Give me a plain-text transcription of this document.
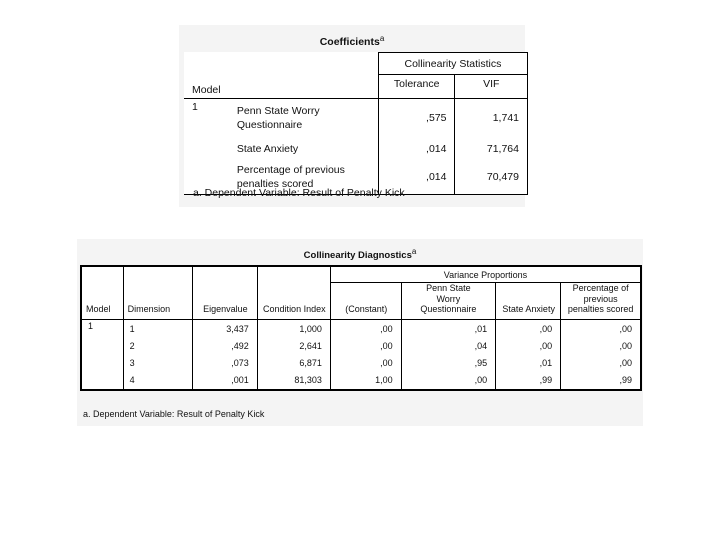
Coefficients$^a$
Model		Collinearity Statistics	
		Tolerance	VIF
1	Penn State Worry Questionnaire	,575	1,741
	State Anxiety	,014	71,764
	Percentage of previous penalties scored	,014	70,479
a. Dependent Variable: Result of Penalty Kick
Collinearity Diagnostics$^a$
Model	Dimension	Eigenvalue	Condition Index	Variance Proportions			
				(Constant)	Penn State Worry Questionnaire	State Anxiety	Percentage of previous penalties scored
1	1	3,437	1,000	,00	,01	,00	,00
	2	,492	2,641	,00	,04	,00	,00
	3	,073	6,871	,00	,95	,01	,00
	4	,001	81,303	1,00	,00	,99	,99
a. Dependent Variable: Result of Penalty Kick
